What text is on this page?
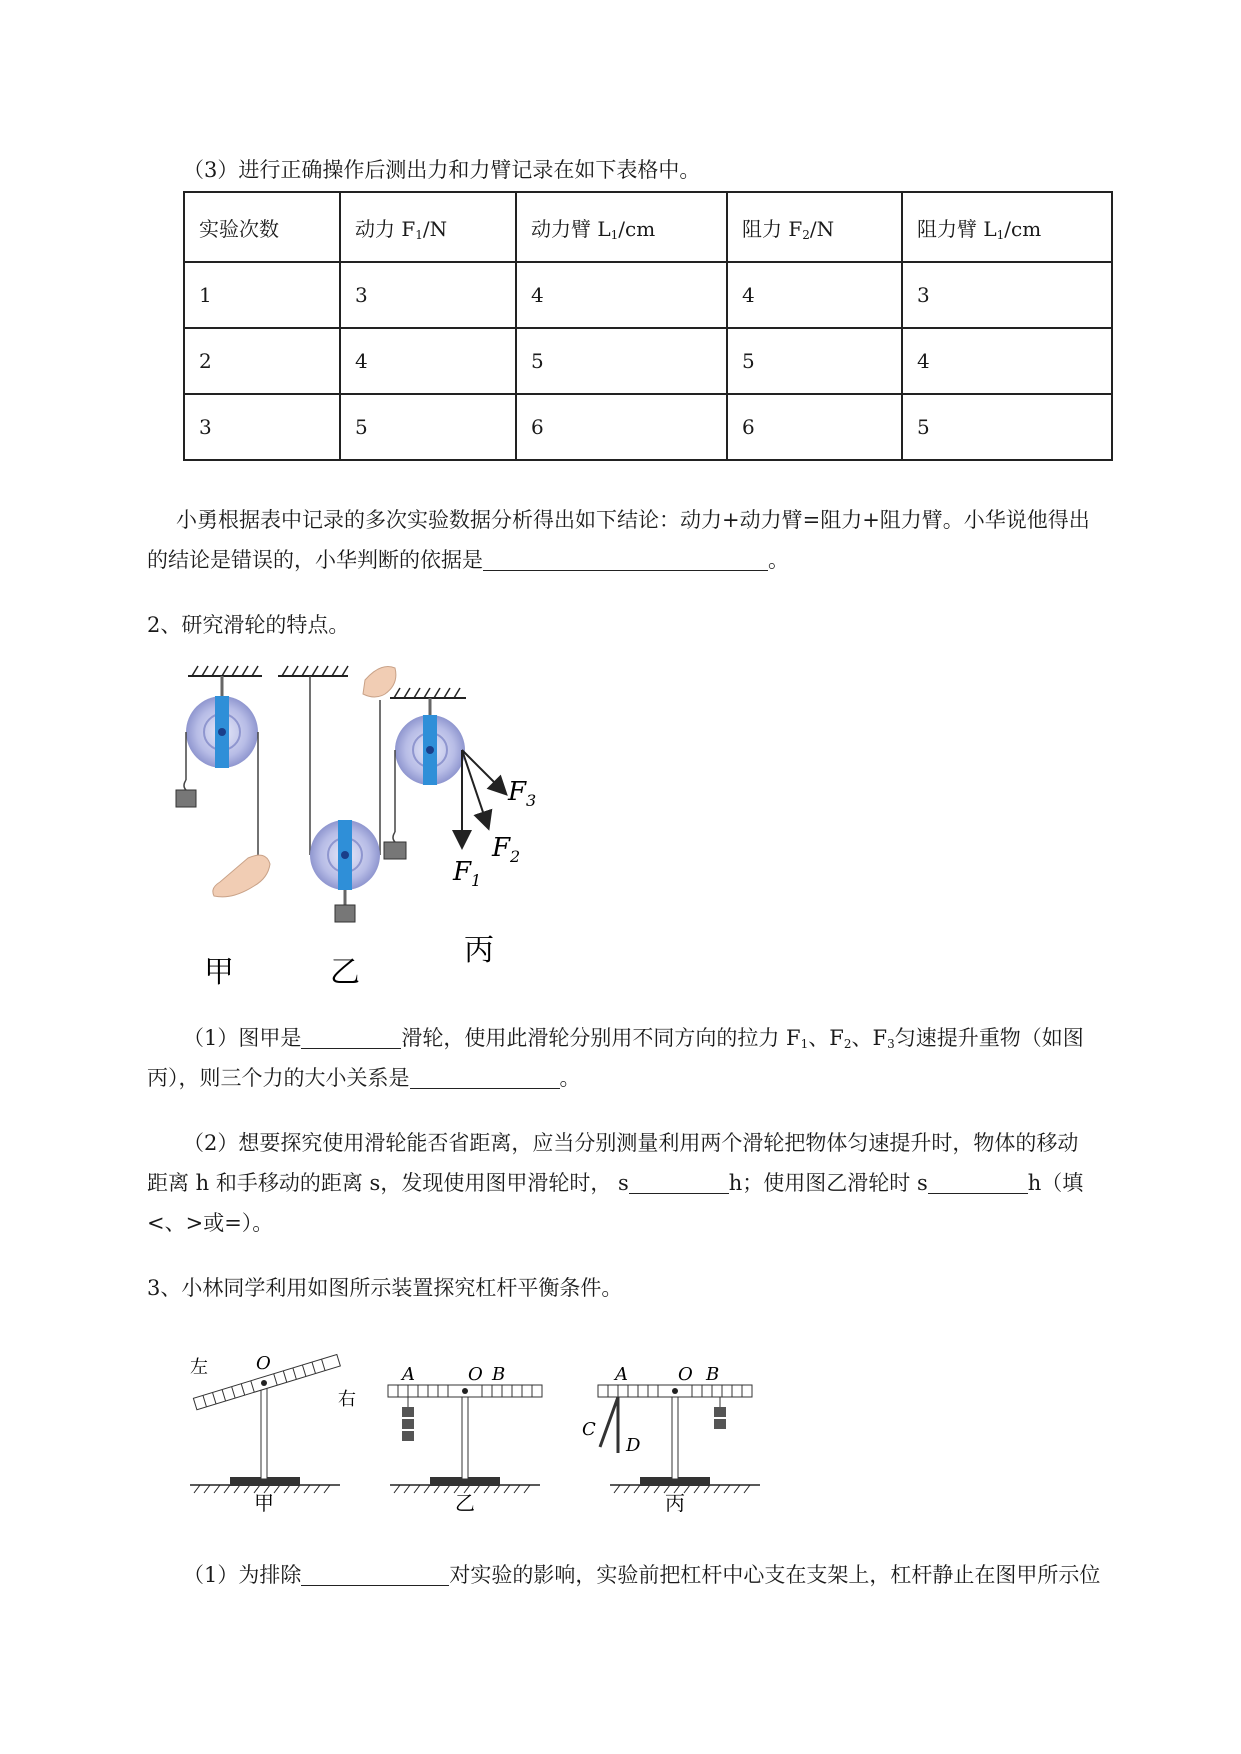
（3）进行正确操作后测出力和力臂记录在如下表格中。
实验次数	动力 $F_1/N$	动力臂 $L_1/cm$	阻力 $F_2/N$	阻力臂 $L_1/cm$
1	3	4	4	3
2	4	5	5	4
3	5	6	6	5
小勇根据表中记录的多次实验数据分析得出如下结论：动力+动力臂=阻力+阻力臂。小华说他得出
的结论是错误的，小华判断的依据是	。
2、研究滑轮的特点。
$F_1$
$F_2$
$F_3$
甲	乙
丙
（1）图甲是	滑轮，使用此滑轮分别用不同方向的拉力 $F_1$、$F_2$、$F_3$匀速提升重物（如图
丙），则三个力的大小关系是	。
（2）想要探究使用滑轮能否省距离，应当分别测量利用两个滑轮把物体匀速提升时，物体的移动
距离 h 和手移动的距离 s，发现使用图甲滑轮时， s	h；使用图乙滑轮时 s	h（填
<、>或=）。
3、小林同学利用如图所示装置探究杠杆平衡条件。
左
右
O
甲
A	O B
乙
A	O B
C
D
丙
（1）为排除	对实验的影响，实验前把杠杆中心支在支架上，杠杆静止在图甲所示位
